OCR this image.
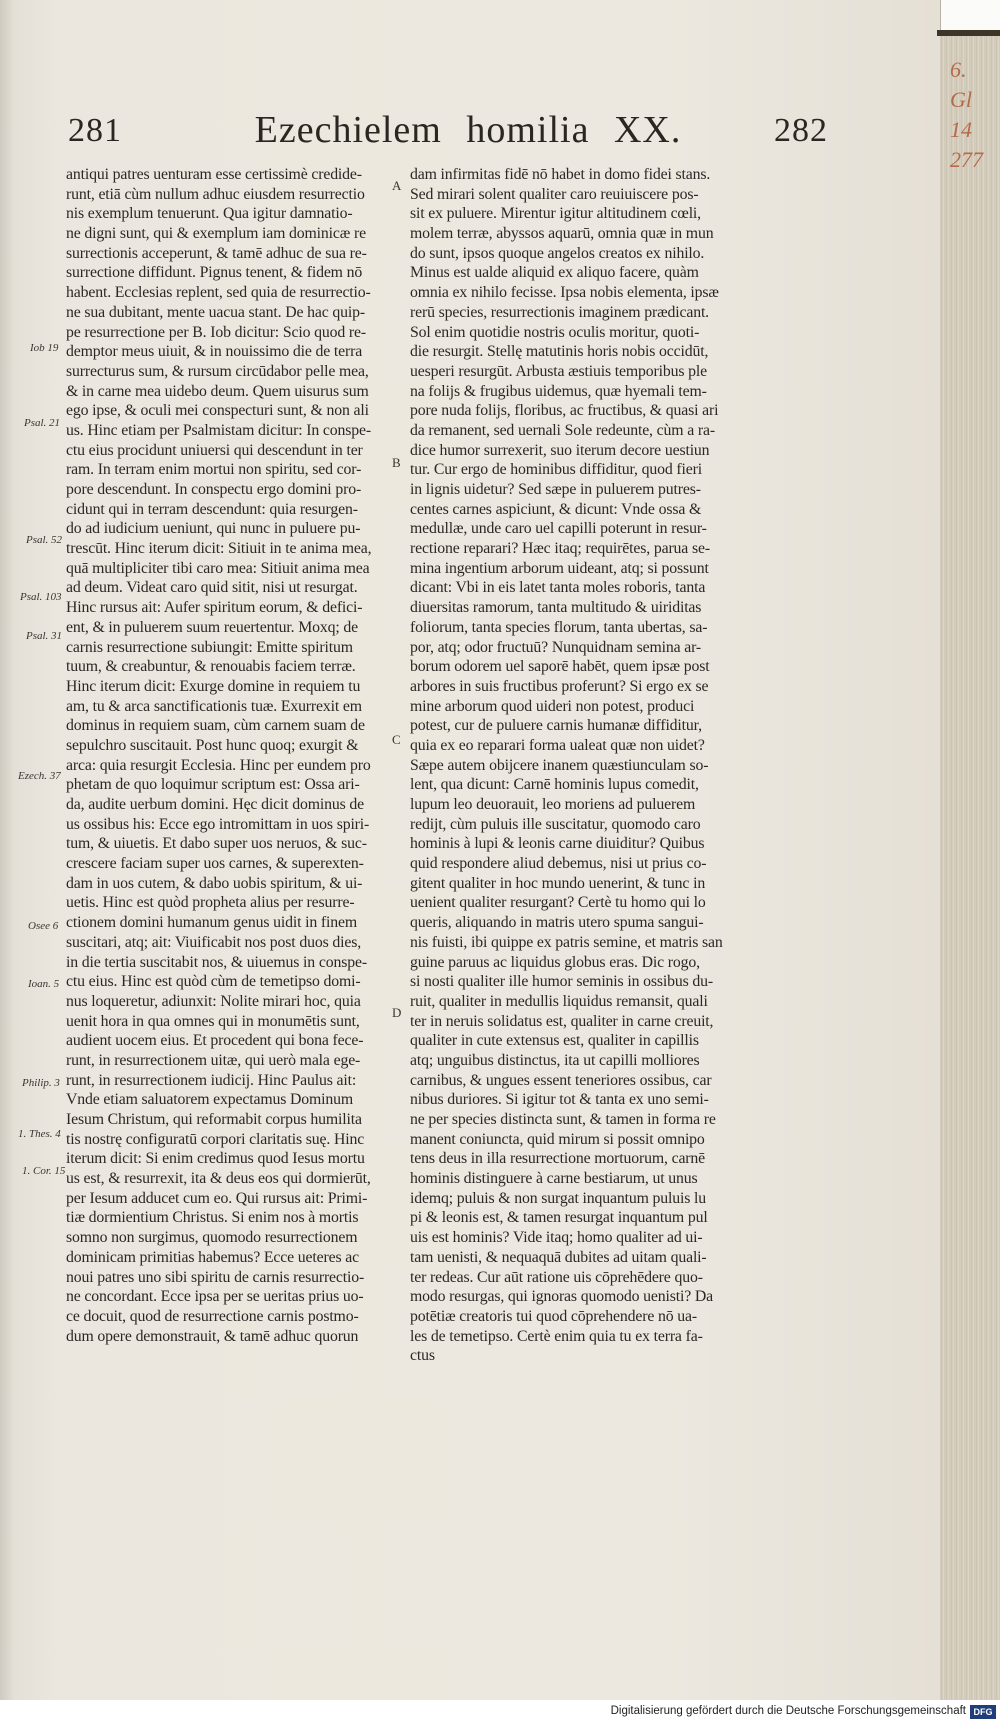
281	Ezechielem homilia XX.	282
antiqui patres uenturam esse certissimè credide-
runt, etiā cùm nullum adhuc eiusdem resurrectio
nis exemplum tenuerunt. Qua igitur damnatio-
ne digni sunt, qui & exemplum iam dominicæ re
surrectionis acceperunt, & tamē adhuc de sua re-
surrectione diffidunt. Pignus tenent, & fidem nō
habent. Ecclesias replent, sed quia de resurrectio-
ne sua dubitant, mente uacua stant. De hac quip-
pe resurrectione per B. Iob dicitur: Scio quod re-
demptor meus uiuit, & in nouissimo die de terra
surrecturus sum, & rursum circūdabor pelle mea,
& in carne mea uidebo deum. Quem uisurus sum
ego ipse, & oculi mei conspecturi sunt, & non ali
us. Hinc etiam per Psalmistam dicitur: In conspe-
ctu eius procidunt uniuersi qui descendunt in ter
ram. In terram enim mortui non spiritu, sed cor-
pore descendunt. In conspectu ergo domini pro-
cidunt qui in terram descendunt: quia resurgen-
do ad iudicium ueniunt, qui nunc in puluere pu-
trescūt. Hinc iterum dicit: Sitiuit in te anima mea,
quā multipliciter tibi caro mea: Sitiuit anima mea
ad deum. Videat caro quid sitit, nisi ut resurgat.
Hinc rursus ait: Aufer spiritum eorum, & defici-
ent, & in puluerem suum reuertentur. Moxq; de
carnis resurrectione subiungit: Emitte spiritum
tuum, & creabuntur, & renouabis faciem terræ.
Hinc iterum dicit: Exurge domine in requiem tu
am, tu & arca sanctificationis tuæ. Exurrexit em
dominus in requiem suam, cùm carnem suam de
sepulchro suscitauit. Post hunc quoq; exurgit &
arca: quia resurgit Ecclesia. Hinc per eundem pro
phetam de quo loquimur scriptum est: Ossa ari-
da, audite uerbum domini. Hęc dicit dominus de
us ossibus his: Ecce ego intromittam in uos spiri-
tum, & uiuetis. Et dabo super uos neruos, & suc-
crescere faciam super uos carnes, & superexten-
dam in uos cutem, & dabo uobis spiritum, & ui-
uetis. Hinc est quòd propheta alius per resurre-
ctionem domini humanum genus uidit in finem
suscitari, atq; ait: Viuificabit nos post duos dies,
in die tertia suscitabit nos, & uiuemus in conspe-
ctu eius. Hinc est quòd cùm de temetipso domi-
nus loqueretur, adiunxit: Nolite mirari hoc, quia
uenit hora in qua omnes qui in monumētis sunt,
audient uocem eius. Et procedent qui bona fece-
runt, in resurrectionem uitæ, qui uerò mala ege-
runt, in resurrectionem iudicij. Hinc Paulus ait:
Vnde etiam saluatorem expectamus Dominum
Iesum Christum, qui reformabit corpus humilita
tis nostrę configuratū corpori claritatis suę. Hinc
iterum dicit: Si enim credimus quod Iesus mortu
us est, & resurrexit, ita & deus eos qui dormierūt,
per Iesum adducet cum eo. Qui rursus ait: Primi-
tiæ dormientium Christus. Si enim nos à mortis
somno non surgimus, quomodo resurrectionem
dominicam primitias habemus? Ecce ueteres ac
noui patres uno sibi spiritu de carnis resurrectio-
ne concordant. Ecce ipsa per se ueritas prius uo-
ce docuit, quod de resurrectione carnis postmo-
dum opere demonstrauit, & tamē adhuc quorun
dam infirmitas fidē nō habet in domo fidei stans.
Sed mirari solent qualiter caro reuiuiscere pos-
sit ex puluere. Mirentur igitur altitudinem cœli,
molem terræ, abyssos aquarū, omnia quæ in mun
do sunt, ipsos quoque angelos creatos ex nihilo.
Minus est ualde aliquid ex aliquo facere, quàm
omnia ex nihilo fecisse. Ipsa nobis elementa, ipsæ
rerū species, resurrectionis imaginem prædicant.
Sol enim quotidie nostris oculis moritur, quoti-
die resurgit. Stellę matutinis horis nobis occidūt,
uesperi resurgūt. Arbusta æstiuis temporibus ple
na folijs & frugibus uidemus, quæ hyemali tem-
pore nuda folijs, floribus, ac fructibus, & quasi ari
da remanent, sed uernali Sole redeunte, cùm a ra-
dice humor surrexerit, suo iterum decore uestiun
tur. Cur ergo de hominibus diffiditur, quod fieri
in lignis uidetur? Sed sæpe in puluerem putres-
centes carnes aspiciunt, & dicunt: Vnde ossa &
medullæ, unde caro uel capilli poterunt in resur-
rectione reparari? Hæc itaq; requirētes, parua se-
mina ingentium arborum uideant, atq; si possunt
dicant: Vbi in eis latet tanta moles roboris, tanta
diuersitas ramorum, tanta multitudo & uiriditas
foliorum, tanta species florum, tanta ubertas, sa-
por, atq; odor fructuū? Nunquidnam semina ar-
borum odorem uel saporē habēt, quem ipsæ post
arbores in suis fructibus proferunt? Si ergo ex se
mine arborum quod uideri non potest, produci
potest, cur de puluere carnis humanæ diffiditur,
quia ex eo reparari forma ualeat quæ non uidet?
Sæpe autem obijcere inanem quæstiunculam so-
lent, qua dicunt: Carnē hominis lupus comedit,
lupum leo deuorauit, leo moriens ad puluerem
redijt, cùm puluis ille suscitatur, quomodo caro
hominis à lupi & leonis carne diuiditur? Quibus
quid respondere aliud debemus, nisi ut prius co-
gitent qualiter in hoc mundo uenerint, & tunc in
uenient qualiter resurgant? Certè tu homo qui lo
queris, aliquando in matris utero spuma sangui-
nis fuisti, ibi quippe ex patris semine, et matris san
guine paruus ac liquidus globus eras. Dic rogo,
si nosti qualiter ille humor seminis in ossibus du-
ruit, qualiter in medullis liquidus remansit, quali
ter in neruis solidatus est, qualiter in carne creuit,
qualiter in cute extensus est, qualiter in capillis
atq; unguibus distinctus, ita ut capilli molliores
carnibus, & ungues essent teneriores ossibus, car
nibus duriores. Si igitur tot & tanta ex uno semi-
ne per species distincta sunt, & tamen in forma re
manent coniuncta, quid mirum si possit omnipo
tens deus in illa resurrectione mortuorum, carnē
hominis distinguere à carne bestiarum, ut unus
idemq; puluis & non surgat inquantum puluis lu
pi & leonis est, & tamen resurgat inquantum pul
uis est hominis? Vide itaq; homo qualiter ad ui-
tam uenisti, & nequaquā dubites ad uitam quali-
ter redeas. Cur aūt ratione uis cōprehēdere quo-
modo resurgas, qui ignoras quomodo uenisti? Da
potētiæ creatoris tui quod cōprehendere nō ua-
les de temetipso. Certè enim quia tu ex terra fa-
ctus
Iob 19
Psal. 21
Psal. 52
Psal. 103
Psal. 31
Ezech. 37
Osee 6
Ioan. 5
Philip. 3
1. Thes. 4
1. Cor. 15
A
B
C
D
6. Gl 14 277
Digitalisierung gefördert durch die Deutsche Forschungsgemeinschaft DFG
